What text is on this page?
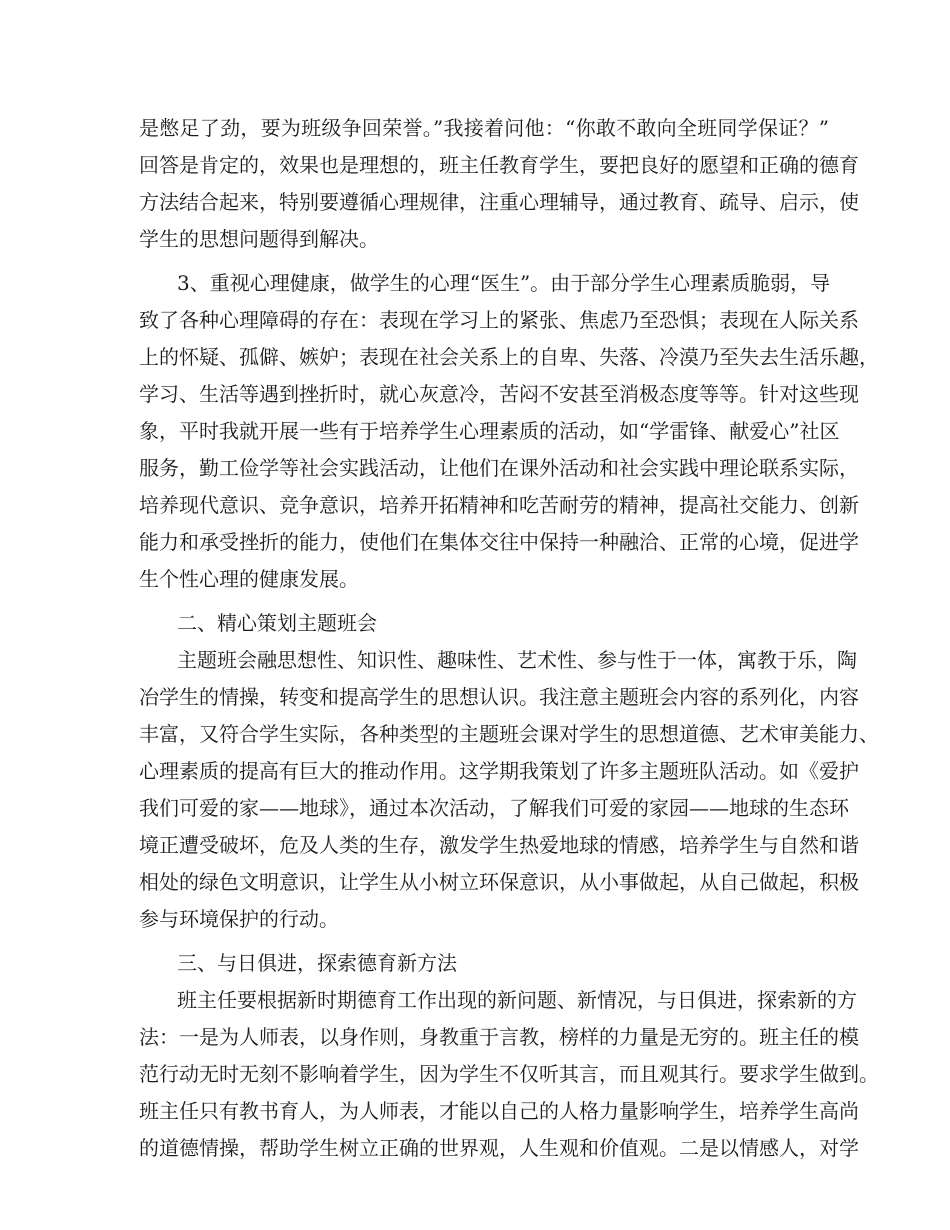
是憋足了劲，要为班级争回荣誉。”我接着问他：“你敢不敢向全班同学保证？”
回答是肯定的，效果也是理想的，班主任教育学生，要把良好的愿望和正确的德育
方法结合起来，特别要遵循心理规律，注重心理辅导，通过教育、疏导、启示，使
学生的思想问题得到解决。
3、重视心理健康，做学生的心理“医生”。由于部分学生心理素质脆弱，导
致了各种心理障碍的存在：表现在学习上的紧张、焦虑乃至恐惧；表现在人际关系
上的怀疑、孤僻、嫉妒；表现在社会关系上的自卑、失落、冷漠乃至失去生活乐趣，
学习、生活等遇到挫折时，就心灰意冷，苦闷不安甚至消极态度等等。针对这些现
象，平时我就开展一些有于培养学生心理素质的活动，如“学雷锋、献爱心”社区
服务，勤工俭学等社会实践活动，让他们在课外活动和社会实践中理论联系实际，
培养现代意识、竞争意识，培养开拓精神和吃苦耐劳的精神，提高社交能力、创新
能力和承受挫折的能力，使他们在集体交往中保持一种融洽、正常的心境，促进学
生个性心理的健康发展。
二、精心策划主题班会
主题班会融思想性、知识性、趣味性、艺术性、参与性于一体，寓教于乐，陶
冶学生的情操，转变和提高学生的思想认识。我注意主题班会内容的系列化，内容
丰富，又符合学生实际，各种类型的主题班会课对学生的思想道德、艺术审美能力、
心理素质的提高有巨大的推动作用。这学期我策划了许多主题班队活动。如《爱护
我们可爱的家——地球》，通过本次活动，了解我们可爱的家园——地球的生态环
境正遭受破坏，危及人类的生存，激发学生热爱地球的情感，培养学生与自然和谐
相处的绿色文明意识，让学生从小树立环保意识，从小事做起，从自己做起，积极
参与环境保护的行动。
三、与日俱进，探索德育新方法
班主任要根据新时期德育工作出现的新问题、新情况，与日俱进，探索新的方
法：一是为人师表，以身作则，身教重于言教，榜样的力量是无穷的。班主任的模
范行动无时无刻不影响着学生，因为学生不仅听其言，而且观其行。要求学生做到。
班主任只有教书育人，为人师表，才能以自己的人格力量影响学生，培养学生高尚
的道德情操，帮助学生树立正确的世界观，人生观和价值观。二是以情感人，对学
